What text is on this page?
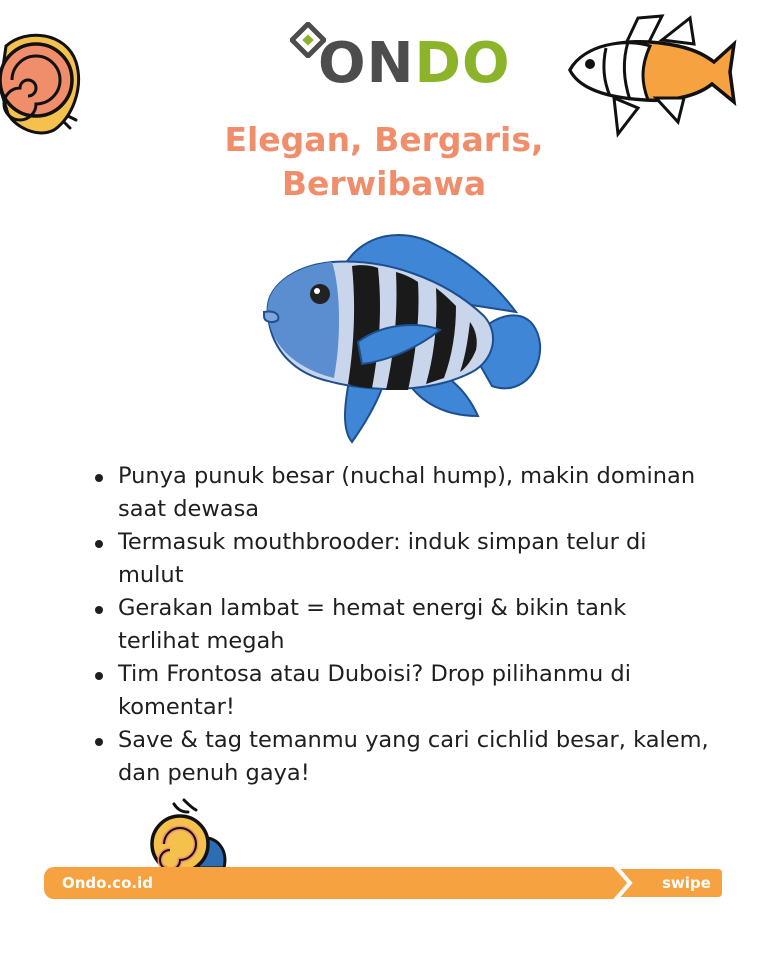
ONDO
Elegan, Bergaris,
Berwibawa
Punya punuk besar (nuchal hump), makin dominan saat dewasa
Termasuk mouthbrooder: induk simpan telur di mulut
Gerakan lambat = hemat energi & bikin tank terlihat megah
Tim Frontosa atau Duboisi? Drop pilihanmu di komentar!
Save & tag temanmu yang cari cichlid besar, kalem, dan penuh gaya!
Ondo.co.id	swipe
